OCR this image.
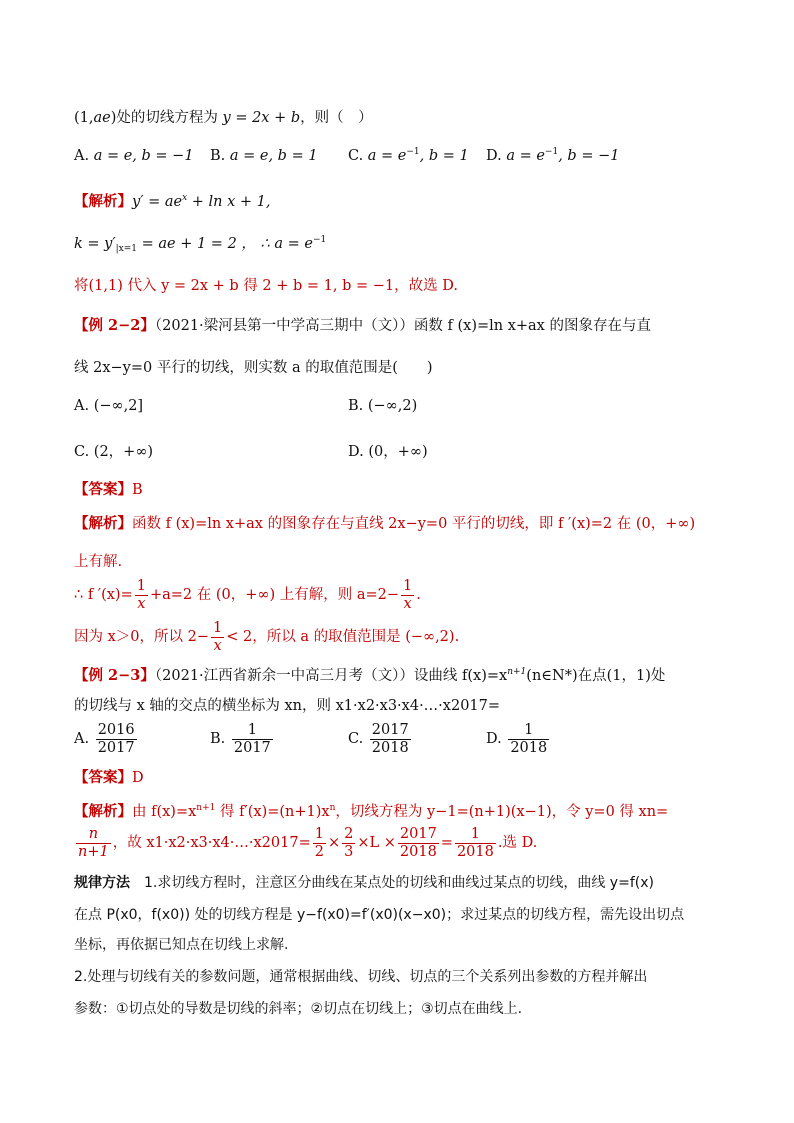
(1,ae)处的切线方程为 y = 2x + b，则（　）
A. a = e, b = −1 B. a = e, b = 1 C. $a = e^{-1}$, b = 1 D. $a = e^{-1}$, b = −1
【解析】$y' = ae^x + \ln x + 1$,
$k = y'_{|x=1}$ = ae + 1 = 2 ， ∴ $a = e^{-1}$
将(1,1) 代入 y = 2x + b 得 2 + b = 1, b = −1，故选 D.
【例 2−2】（2021·梁河县第一中学高三期中（文））函数 f (x)=ln x+ax 的图象存在与直
线 2x−y=0 平行的切线，则实数 a 的取值范围是(　　)
A. (−∞,2]	B. (−∞,2)
C. (2，+∞)	D. (0，+∞)
【答案】B
【解析】函数 f (x)=ln x+ax 的图象存在与直线 2x−y=0 平行的切线，即 f ′(x)=2 在 (0，+∞)
上有解.
∴ f $'(x)= \frac{1}{x} +a=2$ 在 (0，+∞) 上有解，则 $a=2- \frac{1}{x}$ .
因为 x＞0，所以 $2- \frac{1}{x} < 2$，所以 a 的取值范围是 (−∞,2).
【例 2−3】（2021·江西省新余一中高三月考（文））设曲线 $f(x)=x^{n+1}(n\in N*)$在点(1，1)处
的切线与 x 轴的交点的横坐标为 xn，则 x1·x2·x3·x4·…·x2017=
A. $\frac{2016}{2017}$	B. $\frac{1}{2017}$	C. $\frac{2017}{2018}$	D. $\frac{1}{2018}$
【答案】D
【解析】由 $f(x)=x^{n+1}$ 得 $f'(x)=(n+1)x^n$，切线方程为 y−1=(n+1)(x−1)，令 y=0 得 xn=
$\frac{n}{n+1}$ ，故 x1·x2·x3·x4·…·x2017= $\frac{1}{2} \times \frac{2}{3} \times L \times \frac{2017}{2018} = \frac{1}{2018}$ .选 D.
规律方法　 1.求切线方程时，注意区分曲线在某点处的切线和曲线过某点的切线，曲线 y=f(x)
在点 P(x0，f(x0)) 处的切线方程是 y−f(x0)=f′(x0)(x−x0)；求过某点的切线方程，需先设出切点
坐标，再依据已知点在切线上求解.
2.处理与切线有关的参数问题，通常根据曲线、切线、切点的三个关系列出参数的方程并解出
参数：①切点处的导数是切线的斜率；②切点在切线上；③切点在曲线上.
